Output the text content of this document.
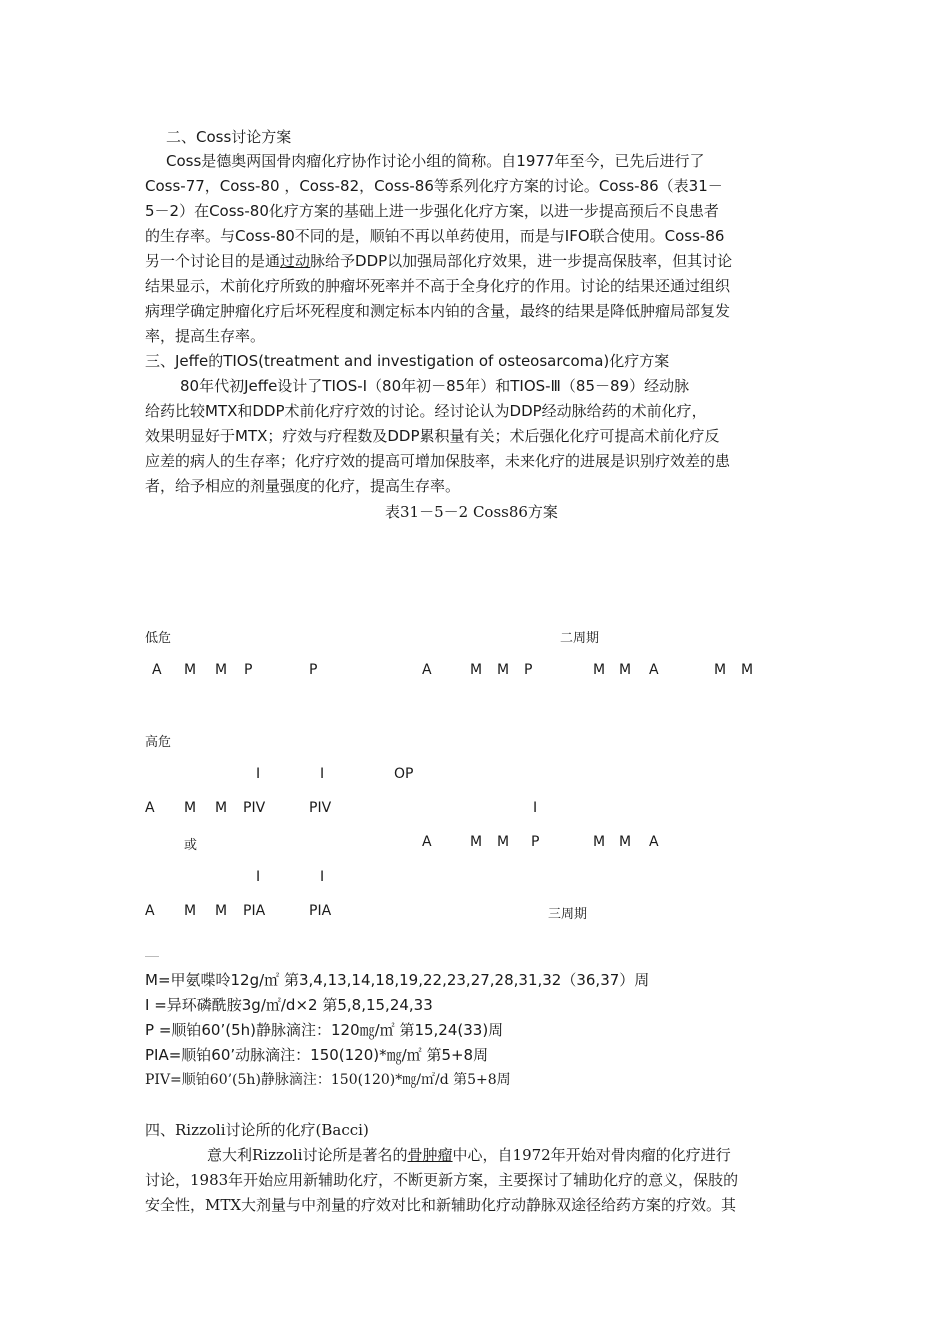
二、Coss讨论方案
Coss是德奥两国骨肉瘤化疗协作讨论小组的简称。自1977年至今，已先后进行了
Coss-77，Coss-80 ，Coss-82，Coss-86等系列化疗方案的讨论。Coss-86（表31－
5－2）在Coss-80化疗方案的基础上进一步强化化疗方案，以进一步提高预后不良患者
的生存率。与Coss-80不同的是，顺铂不再以单药使用，而是与IFO联合使用。Coss-86
另一个讨论目的是通过动脉给予DDP以加强局部化疗效果，进一步提高保肢率，但其讨论
结果显示，术前化疗所致的肿瘤坏死率并不高于全身化疗的作用。讨论的结果还通过组织
病理学确定肿瘤化疗后坏死程度和测定标本内铂的含量，最终的结果是降低肿瘤局部复发
率，提高生存率。
三、Jeffe的TIOS(treatment and investigation of osteosarcoma)化疗方案
80年代初Jeffe设计了TIOS-Ⅰ（80年初－85年）和TIOS-Ⅲ（85－89）经动脉
给药比较MTX和DDP术前化疗疗效的讨论。经讨论认为DDP经动脉给药的术前化疗，
效果明显好于MTX；疗效与疗程数及DDP累积量有关；术后强化化疗可提高术前化疗反
应差的病人的生存率；化疗疗效的提高可增加保肢率，未来化疗的进展是识别疗效差的患
者，给予相应的剂量强度的化疗，提高生存率。
表31－5－2 Coss86方案
低危	二周期
A M M P	P	A	M M P	M M A	M M
高危
I	I	OP
A M M PIV	PIV	I
或	A	M M P	M M A
I	I
A M M PIA	PIA	三周期
M=甲氨喋呤12g/㎡ 第3,4,13,14,18,19,22,23,27,28,31,32（36,37）周
I =异环磷酰胺3g/㎡/d×2 第5,8,15,24,33
P =顺铂60’(5h)静脉滴注：120㎎/㎡ 第15,24(33)周
PIA=顺铂60’动脉滴注：150(120)*㎎/㎡ 第5+8周
PIV=顺铂60’(5h)静脉滴注：150(120)*㎎/㎡/d 第5+8周
四、Rizzoli讨论所的化疗(Bacci)
意大利Rizzoli讨论所是著名的骨肿瘤中心，自1972年开始对骨肉瘤的化疗进行
讨论，1983年开始应用新辅助化疗，不断更新方案，主要探讨了辅助化疗的意义，保肢的
安全性，MTX大剂量与中剂量的疗效对比和新辅助化疗动静脉双途径给药方案的疗效。其
